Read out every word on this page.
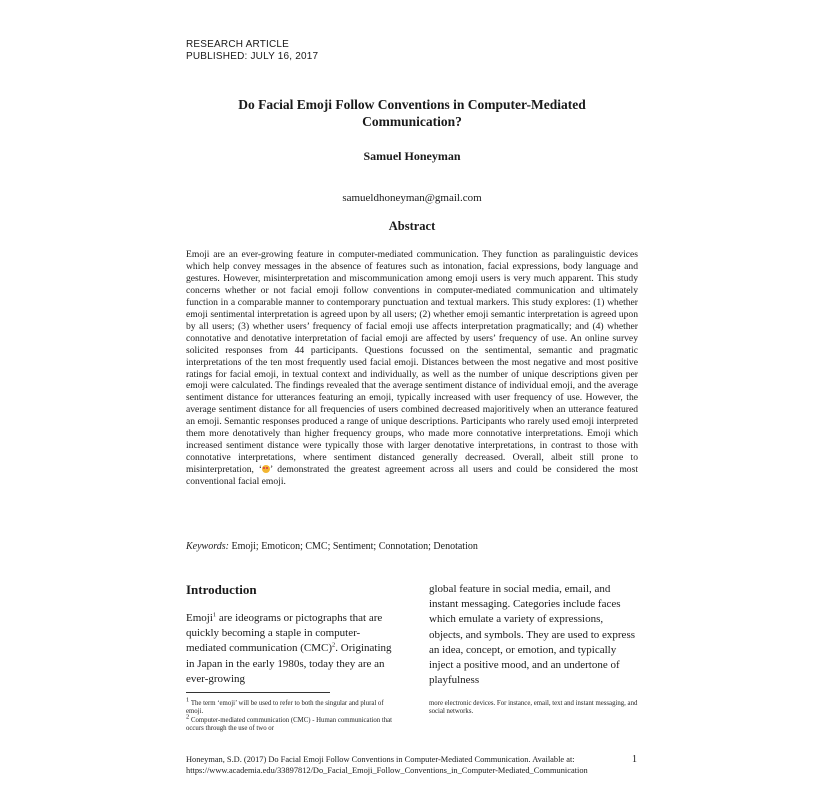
RESEARCH ARTICLE
PUBLISHED: JULY 16, 2017
Do Facial Emoji Follow Conventions in Computer-Mediated
Communication?
Samuel Honeyman
samueldhoneyman@gmail.com
Abstract
Emoji are an ever-growing feature in computer-mediated communication. They function as paralinguistic devices which help convey messages in the absence of features such as intonation, facial expressions, body language and gestures. However, misinterpretation and miscommunication among emoji users is very much apparent. This study concerns whether or not facial emoji follow conventions in computer-mediated communication and ultimately function in a comparable manner to contemporary punctuation and textual markers. This study explores: (1) whether emoji sentimental interpretation is agreed upon by all users; (2) whether emoji semantic interpretation is agreed upon by all users; (3) whether users’ frequency of facial emoji use affects interpretation pragmatically; and (4) whether connotative and denotative interpretation of facial emoji are affected by users’ frequency of use. An online survey solicited responses from 44 participants. Questions focussed on the sentimental, semantic and pragmatic interpretations of the ten most frequently used facial emoji. Distances between the most negative and most positive ratings for facial emoji, in textual context and individually, as well as the number of unique descriptions given per emoji were calculated. The findings revealed that the average sentiment distance of individual emoji, and the average sentiment distance for utterances featuring an emoji, typically increased with user frequency of use. However, the average sentiment distance for all frequencies of users combined decreased majoritively when an utterance featured an emoji. Semantic responses produced a range of unique descriptions. Participants who rarely used emoji interpreted them more denotatively than higher frequency groups, who made more connotative interpretations. Emoji which increased sentiment distance were typically those with larger denotative interpretations, in contrast to those with connotative interpretations, where sentiment distanced generally decreased. Overall, albeit still prone to misinterpretation, ‘ ’ demonstrated the greatest agreement across all users and could be considered the most conventional facial emoji.
Keywords: Emoji; Emoticon; CMC; Sentiment; Connotation; Denotation
Introduction
Emoji$^1$ are ideograms or pictographs that are quickly becoming a staple in computer-mediated communication (CMC)$^2$. Originating in Japan in the early 1980s, today they are an ever-growing
global feature in social media, email, and instant messaging. Categories include faces which emulate a variety of expressions, objects, and symbols. They are used to express an idea, concept, or emotion, and typically inject a positive mood, and an undertone of playfulness
$^1$ The term ‘emoji’ will be used to refer to both the singular and plural of emoji.
$^2$ Computer-mediated communication (CMC) - Human communication that occurs through the use of two or
more electronic devices. For instance, email, text and instant messaging, and social networks.
Honeyman, S.D. (2017) Do Facial Emoji Follow Conventions in Computer-Mediated Communication. Available at: https://www.academia.edu/33897812/Do_Facial_Emoji_Follow_Conventions_in_Computer-Mediated_Communication
1
